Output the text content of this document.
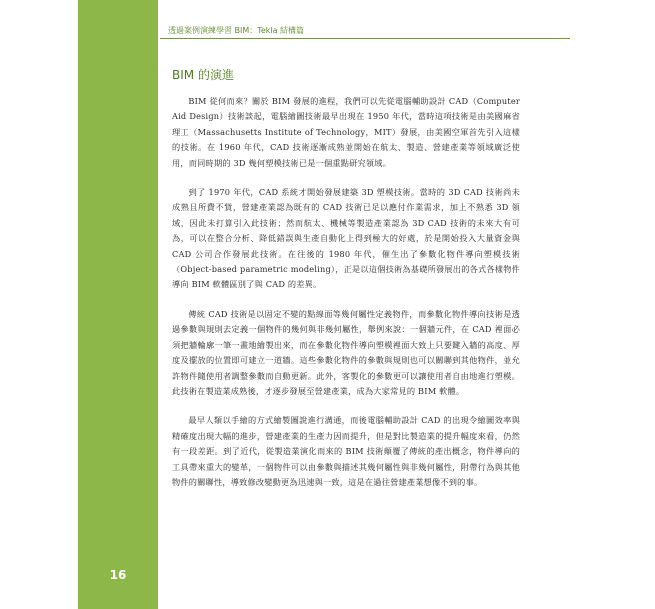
16
透過案例演練學習 BIM：Tekla 結構篇
BIM 的演進

BIM 從何而來？關於 BIM 發展的進程，我們可以先從電腦輔助設計 CAD（Computer Aid Design）技術談起，電腦繪圖技術最早出現在 1950 年代，當時這項技術是由美國麻省理工（Massachusetts Institute of Technology，MIT）發展，由美國空軍首先引入這樣的技術。在 1960 年代，CAD 技術逐漸成熟並開始在航太、製造、營建產業等領域廣泛使用，而同時期的 3D 幾何塑模技術已是一個重點研究領域。

到了 1970 年代，CAD 系統才開始發展建築 3D 塑模技術。當時的 3D CAD 技術尚未成熟且所費不貲，營建產業認為既有的 CAD 技術已足以應付作業需求，加上不熟悉 3D 領域，因此未打算引入此技術；然而航太、機械等製造產業認為 3D CAD 技術的未來大有可為，可以在整合分析、降低錯誤與生產自動化上得到極大的好處，於是開始投入大量資金與 CAD 公司合作發展此技術。在往後的 1980 年代，催生出了參數化物件導向塑模技術（Object-based parametric modeling），正是以這個技術為基礎所發展出的各式各樣物件導向 BIM 軟體區別了與 CAD 的差異。

傳統 CAD 技術是以固定不變的點線面等幾何屬性定義物件，而參數化物件導向技術是透過參數與規則去定義一個物件的幾何與非幾何屬性，舉例來說：一個牆元件，在 CAD 裡面必須把牆輪廓一筆一畫地繪製出來，而在參數化物件導向塑模裡面大致上只要鍵入牆的高度、厚度及擺放的位置即可建立一道牆。這些參數化物件的參數與規則也可以關聯到其他物件，並允許物件隨使用者調整參數而自動更新。此外，客製化的參數更可以讓使用者自由地進行塑模。此技術在製造業成熟後，才逐步發展至營建產業，成為大家常見的 BIM 軟體。

最早人類以手繪的方式繪製圖說進行溝通，而後電腦輔助設計 CAD 的出現令繪圖效率與精確度出現大幅的進步，營建產業的生產力因而提升，但是對比製造業的提升幅度來看，仍然有一段差距。到了近代，從製造業演化而來的 BIM 技術顛覆了傳統的產出概念，物件導向的工具帶來重大的變革，一個物件可以由參數與描述其幾何屬性與非幾何屬性，附帶行為與其他物件的關聯性，導致修改變動更為迅速與一致，這是在過往營建產業想像不到的事。
